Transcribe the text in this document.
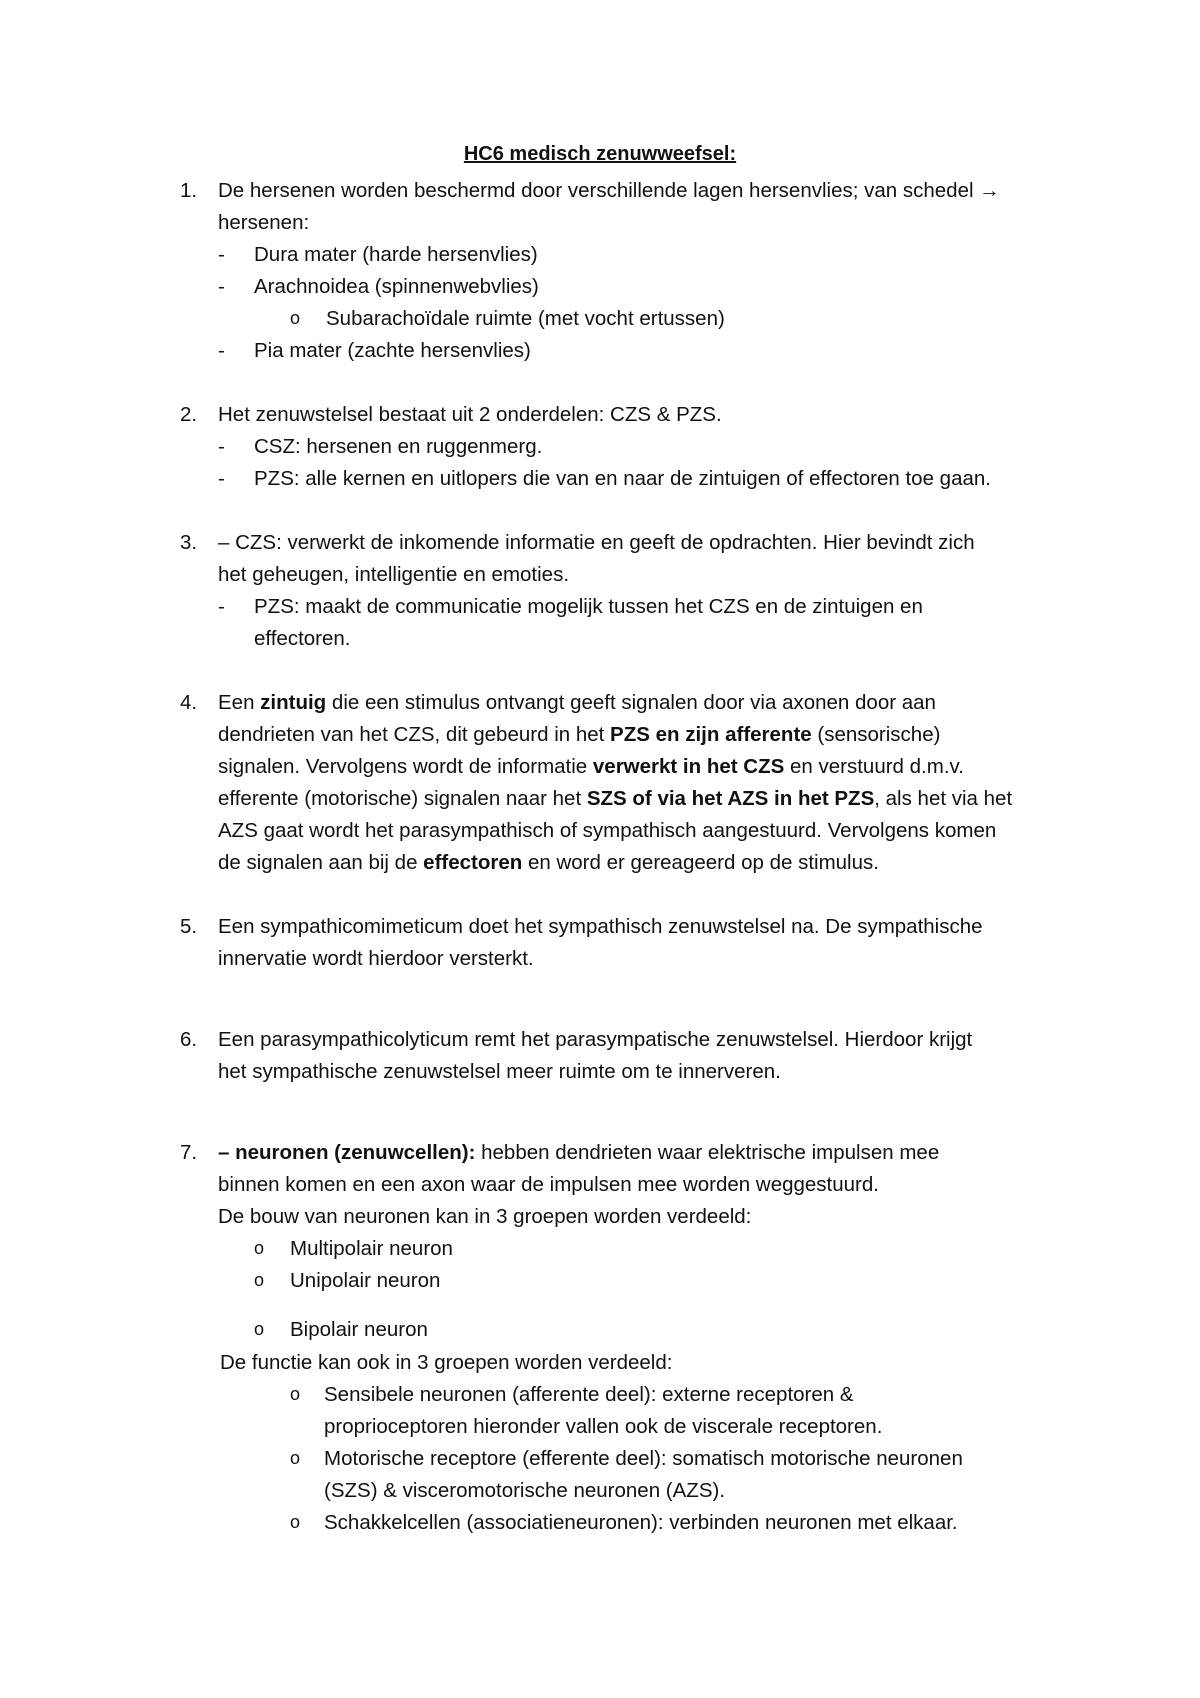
HC6 medisch zenuwweefsel:
1. De hersenen worden beschermd door verschillende lagen hersenvlies; van schedel →
hersenen:
- Dura mater (harde hersenvlies)
- Arachnoidea (spinnenwebvlies)
o Subarachoïdale ruimte (met vocht ertussen)
- Pia mater (zachte hersenvlies)
2. Het zenuwstelsel bestaat uit 2 onderdelen: CZS & PZS.
- CSZ: hersenen en ruggenmerg.
- PZS: alle kernen en uitlopers die van en naar de zintuigen of effectoren toe gaan.
3. – CZS: verwerkt de inkomende informatie en geeft de opdrachten. Hier bevindt zich
het geheugen, intelligentie en emoties.
- PZS: maakt de communicatie mogelijk tussen het CZS en de zintuigen en
effectoren.
4. Een zintuig die een stimulus ontvangt geeft signalen door via axonen door aan
dendrieten van het CZS, dit gebeurd in het PZS en zijn afferente (sensorische)
signalen. Vervolgens wordt de informatie verwerkt in het CZS en verstuurd d.m.v.
efferente (motorische) signalen naar het SZS of via het AZS in het PZS, als het via het
AZS gaat wordt het parasympathisch of sympathisch aangestuurd. Vervolgens komen
de signalen aan bij de effectoren en word er gereageerd op de stimulus.
5. Een sympathicomimeticum doet het sympathisch zenuwstelsel na. De sympathische
innervatie wordt hierdoor versterkt.
6. Een parasympathicolyticum remt het parasympatische zenuwstelsel. Hierdoor krijgt
het sympathische zenuwstelsel meer ruimte om te innerveren.
7. – neuronen (zenuwcellen): hebben dendrieten waar elektrische impulsen mee
binnen komen en een axon waar de impulsen mee worden weggestuurd.
De bouw van neuronen kan in 3 groepen worden verdeeld:
o Multipolair neuron
o Unipolair neuron
o Bipolair neuron
De functie kan ook in 3 groepen worden verdeeld:
o Sensibele neuronen (afferente deel): externe receptoren &
proprioceptoren hieronder vallen ook de viscerale receptoren.
o Motorische receptore (efferente deel): somatisch motorische neuronen
(SZS) & visceromotorische neuronen (AZS).
o Schakkelcellen (associatieneuronen): verbinden neuronen met elkaar.
